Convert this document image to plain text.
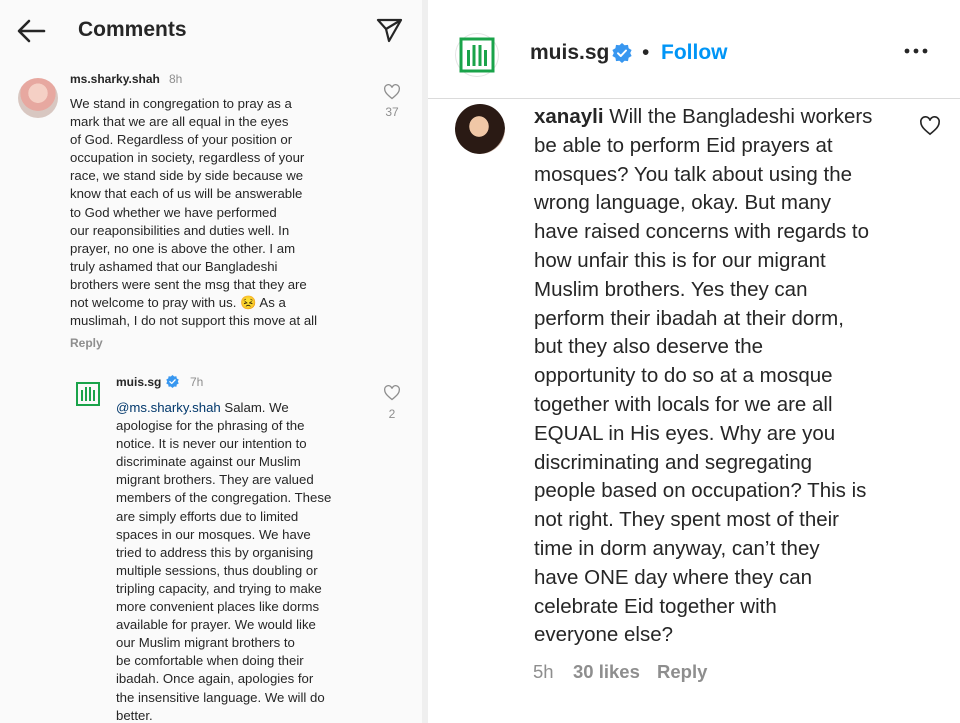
Comments
ms.sharky.shah 8h
We stand in congregation to pray as a
mark that we are all equal in the eyes
of God. Regardless of your position or
occupation in society, regardless of your
race, we stand side by side because we
know that each of us will be answerable
to God whether we have performed
our reaponsibilities and duties well. In
prayer, no one is above the other. I am
truly ashamed that our Bangladeshi
brothers were sent the msg that they are
not welcome to pray with us. 😣 As a
muslimah, I do not support this move at all
Reply
37
muis.sg 7h
@ms.sharky.shah Salam. We
apologise for the phrasing of the
notice. It is never our intention to
discriminate against our Muslim
migrant brothers. They are valued
members of the congregation. These
are simply efforts due to limited
spaces in our mosques. We have
tried to address this by organising
multiple sessions, thus doubling or
tripling capacity, and trying to make
more convenient places like dorms
available for prayer. We would like
our Muslim migrant brothers to
be comfortable when doing their
ibadah. Once again, apologies for
the insensitive language. We will do
better.
2
muis.sg • Follow
xanayli Will the Bangladeshi workers
be able to perform Eid prayers at
mosques? You talk about using the
wrong language, okay. But many
have raised concerns with regards to
how unfair this is for our migrant
Muslim brothers. Yes they can
perform their ibadah at their dorm,
but they also deserve the
opportunity to do so at a mosque
together with locals for we are all
EQUAL in His eyes. Why are you
discriminating and segregating
people based on occupation? This is
not right. They spent most of their
time in dorm anyway, can’t they
have ONE day where they can
celebrate Eid together with
everyone else?
5h 30 likes Reply
